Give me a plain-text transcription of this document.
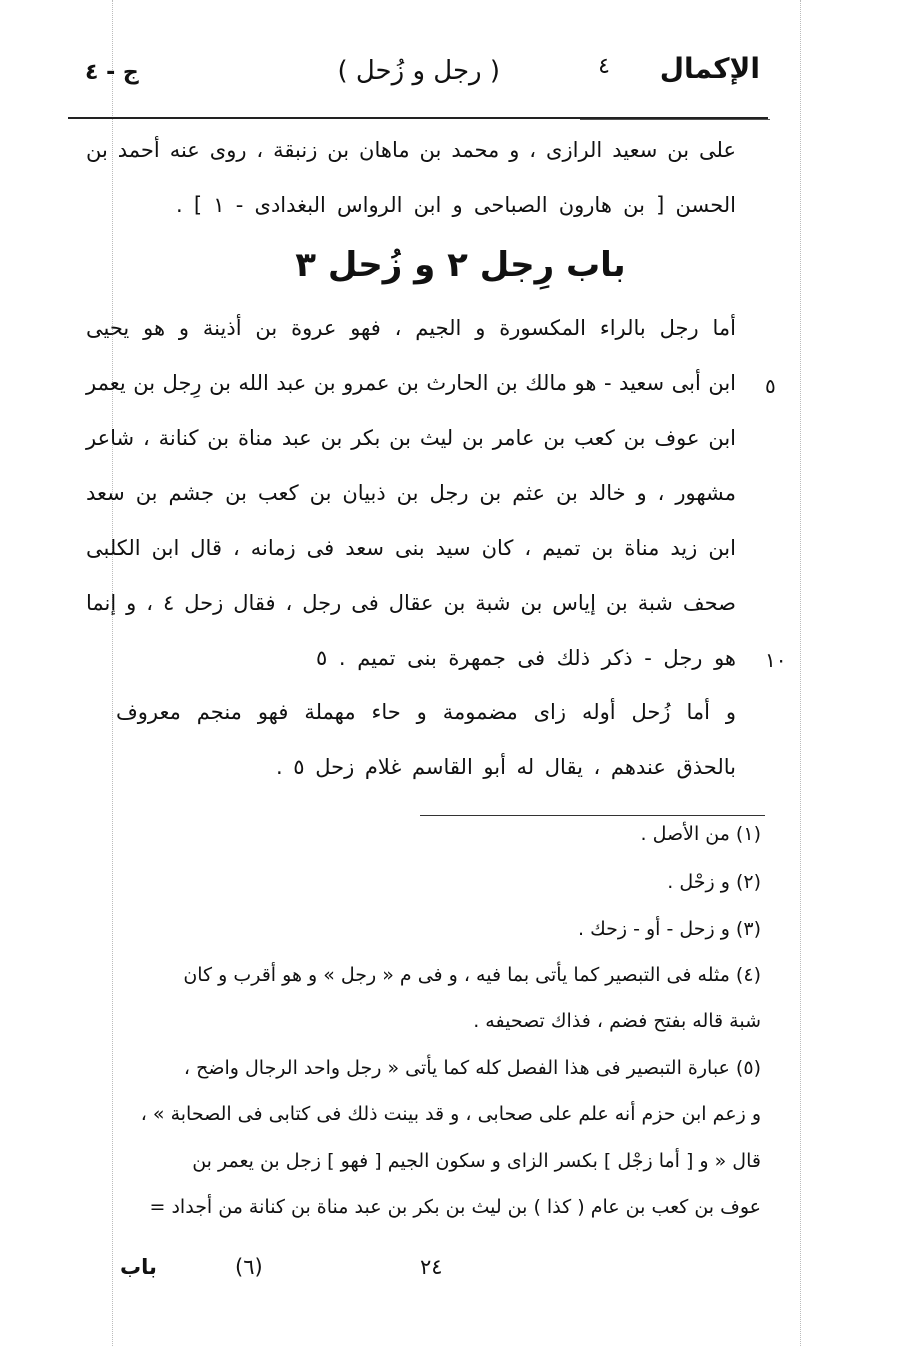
الإكمال
٤
( رجل و زُحل )
ج - ٤
على بن سعيد الرازى ، و محمد بن ماهان بن زنبقة ، روى عنه أحمد بن
الحسن [ بن هارون الصباحى و ابن الرواس البغدادى - ١ ] .
باب رِجل ٢ و زُحل ٣
أما رجل بالراء المكسورة و الجيم ، فهو عروة بن أذينة و هو يحيى
ابن أبى سعيد - هو مالك بن الحارث بن عمرو بن عبد الله بن رِجل بن يعمر
ابن عوف بن كعب بن عامر بن ليث بن بكر بن عبد مناة بن كنانة ، شاعر
مشهور ، و خالد بن عثم بن رجل بن ذبيان بن كعب بن جشم بن سعد
ابن زيد مناة بن تميم ، كان سيد بنى سعد فى زمانه ، قال ابن الكلبى
صحف شبة بن إياس بن شبة بن عقال فى رجل ، فقال زحل ٤ ، و إنما
هو رجل - ذكر ذلك فى جمهرة بنى تميم . ٥
٥
١٠
و أما زُحل أوله زاى مضمومة و حاء مهملة فهو منجم معروف
بالحذق عندهم ، يقال له أبو القاسم غلام زحل ٥ .
(١) من الأصل .
(٢) و زحْل .
(٣) و زحل - أو - زحك .
(٤) مثله فى التبصير كما يأتى بما فيه ، و فى م « رجل » و هو أقرب و كان
شبة قاله بفتح فضم ، فذاك تصحيفه .
(٥) عبارة التبصير فى هذا الفصل كله كما يأتى « رجل واحد الرجال واضح ،
و زعم ابن حزم أنه علم على صحابى ، و قد بينت ذلك فى كتابى فى الصحابة » ،
قال « و [ أما زجْل ] بكسر الزاى و سكون الجيم [ فهو ] زجل بن يعمر بن
عوف بن كعب بن عام ( كذا ) بن ليث بن بكر بن عبد مناة بن كنانة من أجداد =
باب	(٦)	٢٤
